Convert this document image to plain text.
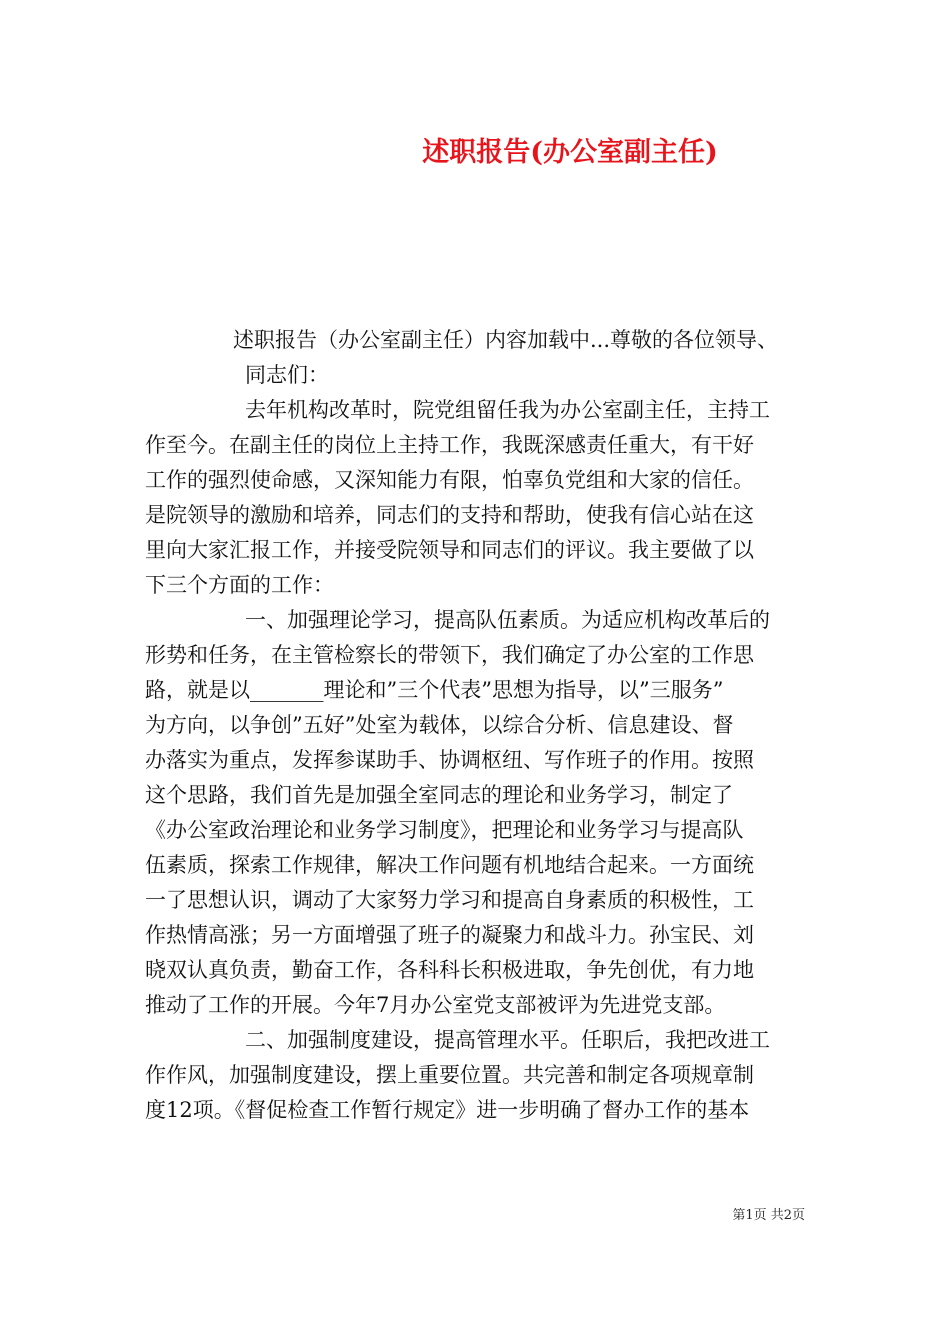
述职报告(办公室副主任)
述职报告（办公室副主任）内容加载中...尊敬的各位领导、
同志们：
去年机构改革时，院党组留任我为办公室副主任，主持工
作至今。在副主任的岗位上主持工作，我既深感责任重大，有干好
工作的强烈使命感，又深知能力有限，怕辜负党组和大家的信任。
是院领导的激励和培养，同志们的支持和帮助，使我有信心站在这
里向大家汇报工作，并接受院领导和同志们的评议。我主要做了以
下三个方面的工作：
一、加强理论学习，提高队伍素质。为适应机构改革后的
形势和任务，在主管检察长的带领下，我们确定了办公室的工作思
路，就是以_______理论和”三个代表”思想为指导，以”三服务”
为方向，以争创”五好”处室为载体，以综合分析、信息建设、督
办落实为重点，发挥参谋助手、协调枢纽、写作班子的作用。按照
这个思路，我们首先是加强全室同志的理论和业务学习，制定了
《办公室政治理论和业务学习制度》，把理论和业务学习与提高队
伍素质，探索工作规律，解决工作问题有机地结合起来。一方面统
一了思想认识，调动了大家努力学习和提高自身素质的积极性，工
作热情高涨；另一方面增强了班子的凝聚力和战斗力。孙宝民、刘
晓双认真负责，勤奋工作，各科科长积极进取，争先创优，有力地
推动了工作的开展。今年7月办公室党支部被评为先进党支部。
二、加强制度建设，提高管理水平。任职后，我把改进工
作作风，加强制度建设，摆上重要位置。共完善和制定各项规章制
度12项。《督促检查工作暂行规定》进一步明确了督办工作的基本
第1页 共2页
